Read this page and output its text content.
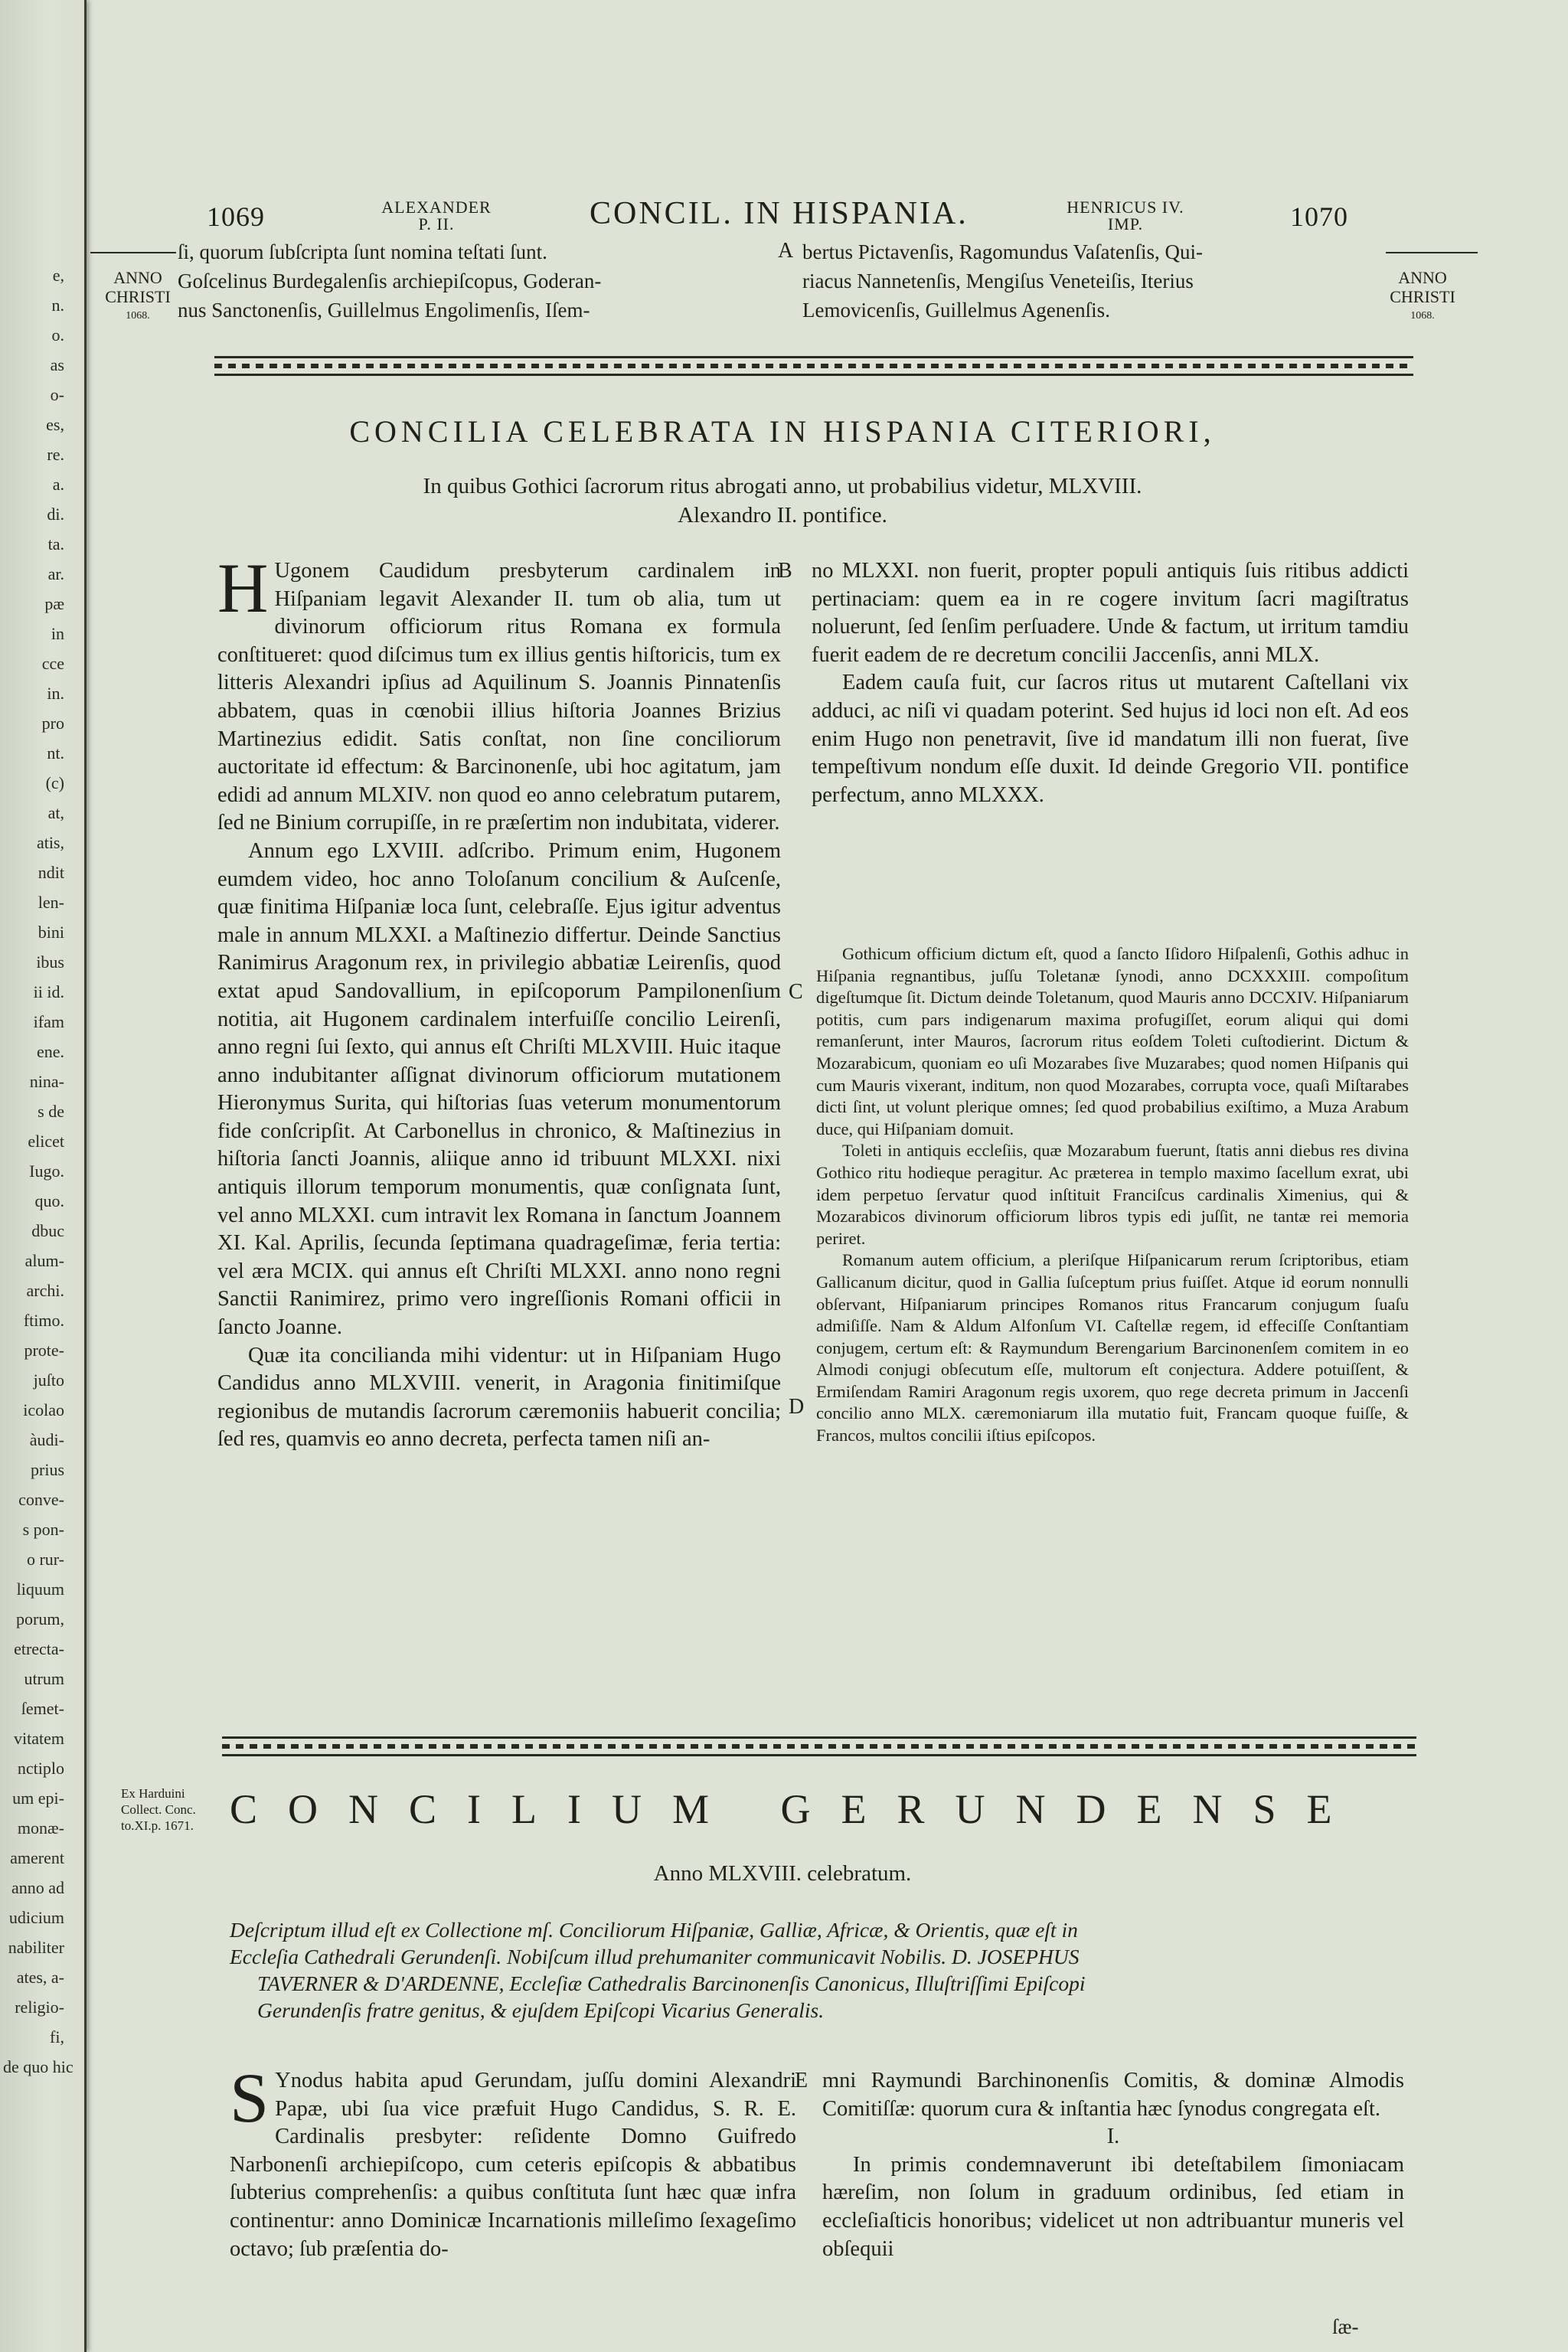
e,
n.
o.
as
o-
es,
re.
a.
di.
ta.
ar.
pæ
in
cce
in.
pro
nt.
(c)
at,
atis,
ndit
len-
bini
ibus
ii id.
ifam
ene.
nina-
s de
elicet
Iugo.
quo.
dbuc
alum-
archi.
ftimo.
prote-
juſto
icolao
àudi-
prius
conve-
s pon-
o rur-
liquum
porum,
etrecta-
utrum
ſemet-
vitatem
nctiplo
um epi-
monæ-
amerent
anno ad
udicium
nabiliter
ates, a-
religio-
fi,
de quo hic
1069	ALEXANDER
P. II.	CONCIL. IN HISPANIA.	HENRICUS IV.
IMP.	1070
ANNO
CHRISTI
1068.
ANNO
CHRISTI
1068.
ſi, quorum ſubſcripta ſunt nomina teſtati ſunt.
Goſcelinus Burdegalenſis archiepiſcopus, Goderan-
nus Sanctonenſis, Guillelmus Engolimenſis, Iſem-
A bertus Pictavenſis, Ragomundus Vaſatenſis, Qui-
riacus Nannetenſis, Mengiſus Veneteiſis, Iterius
Lemovicenſis, Guillelmus Agenenſis.
CONCILIA CELEBRATA IN HISPANIA CITERIORI,
In quibus Gothici ſacrorum ritus abrogati anno, ut probabilius videtur, MLXVIII.
Alexandro II. pontifice.

H Ugonem Caudidum presbyterum cardinalem in Hiſpaniam legavit Alexander II. tum ob alia, tum ut divinorum officiorum ritus Romana ex formula conſtitueret: quod diſcimus tum ex illius gentis hiſtoricis, tum ex litteris Alexandri ipſius ad Aquilinum S. Joannis Pinnatenſis abbatem, quas in cœnobii illius hiſtoria Joannes Brizius Martinezius edidit. Satis conſtat, non ſine conciliorum auctoritate id effectum: & Barcinonenſe, ubi hoc agitatum, jam edidi ad annum MLXIV. non quod eo anno celebratum putarem, ſed ne Binium corrupiſſe, in re præſertim non indubitata, viderer.

Annum ego LXVIII. adſcribo. Primum enim, Hugonem eumdem video, hoc anno Toloſanum concilium & Auſcenſe, quæ finitima Hiſpaniæ loca ſunt, celebraſſe. Ejus igitur adventus male in annum MLXXI. a Maſtinezio differtur. Deinde Sanctius Ranimirus Aragonum rex, in privilegio abbatiæ Leirenſis, quod extat apud Sandovallium, in epiſcoporum Pampilonenſium notitia, ait Hugonem cardinalem interfuiſſe concilio Leirenſi, anno regni ſui ſexto, qui annus eſt Chriſti MLXVIII. Huic itaque anno indubitanter aſſignat divinorum officiorum mutationem Hieronymus Surita, qui hiſtorias ſuas veterum monumentorum fide conſcripſit. At Carbonellus in chronico, & Maſtinezius in hiſtoria ſancti Joannis, aliique anno id tribuunt MLXXI. nixi antiquis illorum temporum monumentis, quæ conſignata ſunt, vel anno MLXXI. cum intravit lex Romana in ſanctum Joannem XI. Kal. Aprilis, ſecunda ſeptimana quadrageſimæ, feria tertia: vel æra MCIX. qui annus eſt Chriſti MLXXI. anno nono regni Sanctii Ranimirez, primo vero ingreſſionis Romani officii in ſancto Joanne.

Quæ ita concilianda mihi videntur: ut in Hiſpaniam Hugo Candidus anno MLXVIII. venerit, in Aragonia finitimiſque regionibus de mutandis ſacrorum cæremoniis habuerit concilia; ſed res, quamvis eo anno decreta, perfecta tamen niſi an-

B
C
D

no MLXXI. non fuerit, propter populi antiquis ſuis ritibus addicti pertinaciam: quem ea in re cogere invitum ſacri magiſtratus noluerunt, ſed ſenſim perſuadere. Unde & factum, ut irritum tamdiu fuerit eadem de re decretum concilii Jaccenſis, anni MLX.

Eadem cauſa fuit, cur ſacros ritus ut mutarent Caſtellani vix adduci, ac niſi vi quadam poterint. Sed hujus id loci non eſt. Ad eos enim Hugo non penetravit, ſive id mandatum illi non fuerat, ſive tempeſtivum nondum eſſe duxit. Id deinde Gregorio VII. pontifice perfectum, anno MLXXX.

Gothicum officium dictum eſt, quod a ſancto Iſidoro Hiſpalenſi, Gothis adhuc in Hiſpania regnantibus, juſſu Toletanæ ſynodi, anno DCXXXIII. compoſitum digeſtumque ſit. Dictum deinde Toletanum, quod Mauris anno DCCXIV. Hiſpaniarum potitis, cum pars indigenarum maxima profugiſſet, eorum aliqui qui domi remanſerunt, inter Mauros, ſacrorum ritus eoſdem Toleti cuſtodierint. Dictum & Mozarabicum, quoniam eo uſi Mozarabes ſive Muzarabes; quod nomen Hiſpanis qui cum Mauris vixerant, inditum, non quod Mozarabes, corrupta voce, quaſi Miſtarabes dicti ſint, ut volunt plerique omnes; ſed quod probabilius exiſtimo, a Muza Arabum duce, qui Hiſpaniam domuit.

Toleti in antiquis eccleſiis, quæ Mozarabum fuerunt, ſtatis anni diebus res divina Gothico ritu hodieque peragitur. Ac præterea in templo maximo ſacellum exrat, ubi idem perpetuo ſervatur quod inſtituit Franciſcus cardinalis Ximenius, qui & Mozarabicos divinorum officiorum libros typis edi juſſit, ne tantæ rei memoria periret.

Romanum autem officium, a pleriſque Hiſpanicarum rerum ſcriptoribus, etiam Gallicanum dicitur, quod in Gallia ſuſceptum prius fuiſſet. Atque id eorum nonnulli obſervant, Hiſpaniarum principes Romanos ritus Francarum conjugum ſuaſu admiſiſſe. Nam & Aldum Alfonſum VI. Caſtellæ regem, id effeciſſe Conſtantiam conjugem, certum eſt: & Raymundum Berengarium Barcinonenſem comitem in eo Almodi conjugi obſecutum eſſe, multorum eſt conjectura. Addere potuiſſent, & Ermiſendam Ramiri Aragonum regis uxorem, quo rege decreta primum in Jaccenſi concilio anno MLX. cæremoniarum illa mutatio fuit, Francam quoque fuiſſe, & Francos, multos concilii iſtius epiſcopos.

Ex Harduini
Collect. Conc.
to.XI.p. 1671. CONCILIUM GERUNDENSE
Anno MLXVIII. celebratum.
Deſcriptum illud eſt ex Collectione mſ. Conciliorum Hiſpaniæ, Galliæ, Africæ, & Orientis, quæ eſt in
Eccleſia Cathedrali Gerundenſi. Nobiſcum illud prehumaniter communicavit Nobilis. D. JOSEPHUS
TAVERNER & D'ARDENNE, Eccleſiæ Cathedralis Barcinonenſis Canonicus, Illuſtriſſimi Epiſcopi
Gerundenſis fratre genitus, & ejuſdem Epiſcopi Vicarius Generalis.

S Ynodus habita apud Gerundam, juſſu domini Alexandri Papæ, ubi ſua vice præfuit Hugo Candidus, S. R. E. Cardinalis presbyter: reſidente Domno Guifredo Narbonenſi archiepiſcopo, cum ceteris epiſcopis & abbatibus ſubterius comprehenſis: a quibus conſtituta ſunt hæc quæ infra continentur: anno Dominicæ Incarnationis milleſimo ſexageſimo octavo; ſub præſentia do-

E mni Raymundi Barchinonenſis Comitis, & dominæ Almodis Comitiſſæ: quorum cura & inſtantia hæc ſynodus congregata eſt.

I.

In primis condemnaverunt ibi deteſtabilem ſimoniacam hæreſim, non ſolum in graduum ordinibus, ſed etiam in eccleſiaſticis honoribus; videlicet ut non adtribuantur muneris vel obſequii

ſæ-
